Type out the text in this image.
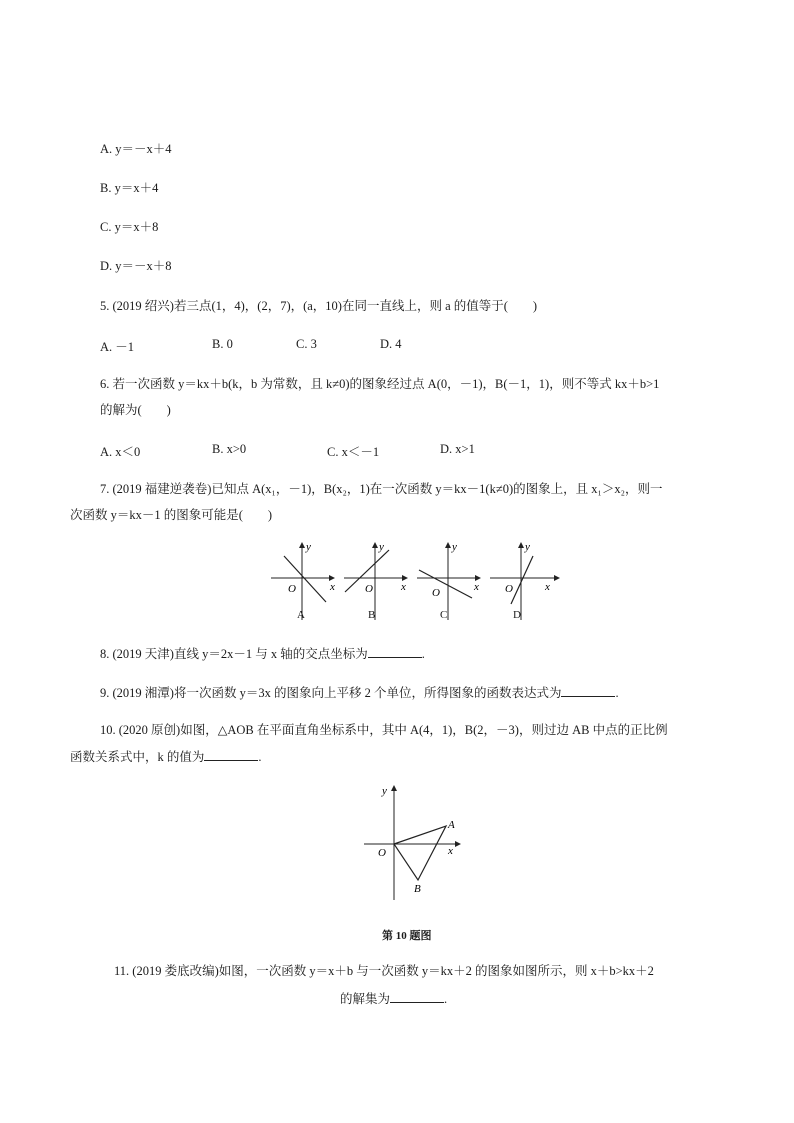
A. y＝－x＋4
B. y＝x＋4
C. y＝x＋8
D. y＝－x＋8
5. (2019 绍兴)若三点(1，4)，(2，7)，(a，10)在同一直线上，则 a 的值等于(　　)
A. －1	B. 0	C. 3	D. 4
6. 若一次函数 y＝kx＋b(k，b 为常数，且 k≠0)的图象经过点 A(0，－1)，B(－1，1)，则不等式 kx＋b>1
的解为(　　)
A. x＜0	B. x>0	C. x＜－1	D. x>1
7. (2019 福建逆袭卷)已知点 A(x₁，－1)，B(x₂，1)在一次函数 y＝kx－1(k≠0)的图象上，且 x₁＞x₂，则一
次函数 y＝kx－1 的图象可能是(　　)
O	x
y
O	x
y
O	x
y
O	x
y
A	B	C	D
8. (2019 天津)直线 y＝2x－1 与 x 轴的交点坐标为	.
9. (2019 湘潭)将一次函数 y＝3x 的图象向上平移 2 个单位，所得图象的函数表达式为	.
10. (2020 原创)如图，△AOB 在平面直角坐标系中，其中 A(4，1)，B(2，－3)，则过边 AB 中点的正比例
函数关系式中，k 的值为	.
y
x
O
A
B
第 10 题图
11. (2019 娄底改编)如图，一次函数 y＝x＋b 与一次函数 y＝kx＋2 的图象如图所示，则 x＋b>kx＋2
的解集为	.
